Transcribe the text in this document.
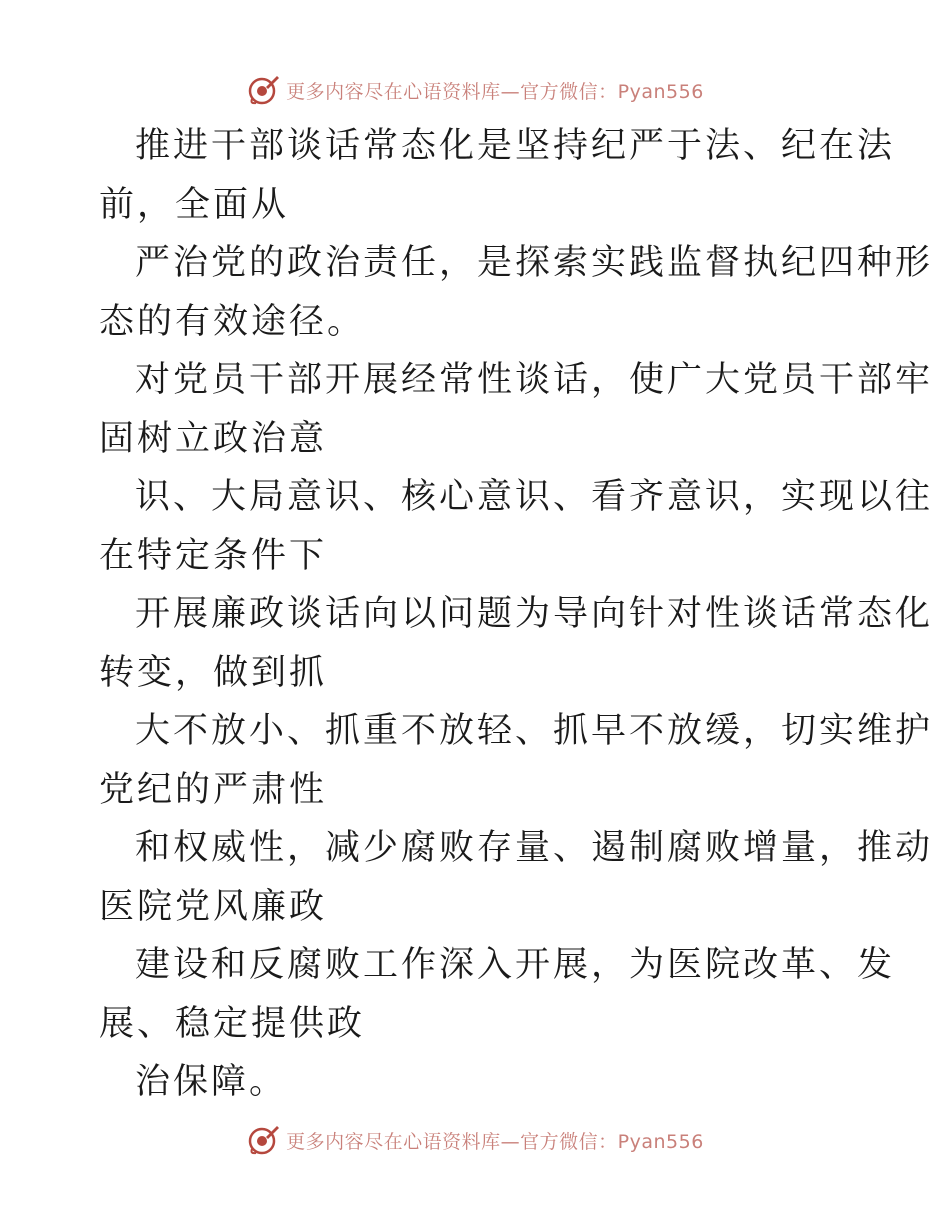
更多内容尽在心语资料库—官方微信：Pyan556
推进干部谈话常态化是坚持纪严于法、纪在法
前，全面从
严治党的政治责任，是探索实践监督执纪四种形
态的有效途径。
对党员干部开展经常性谈话，使广大党员干部牢
固树立政治意
识、大局意识、核心意识、看齐意识，实现以往
在特定条件下
开展廉政谈话向以问题为导向针对性谈话常态化
转变，做到抓
大不放小、抓重不放轻、抓早不放缓，切实维护
党纪的严肃性
和权威性，减少腐败存量、遏制腐败增量，推动
医院党风廉政
建设和反腐败工作深入开展，为医院改革、发
展、稳定提供政
治保障。
更多内容尽在心语资料库—官方微信：Pyan556
